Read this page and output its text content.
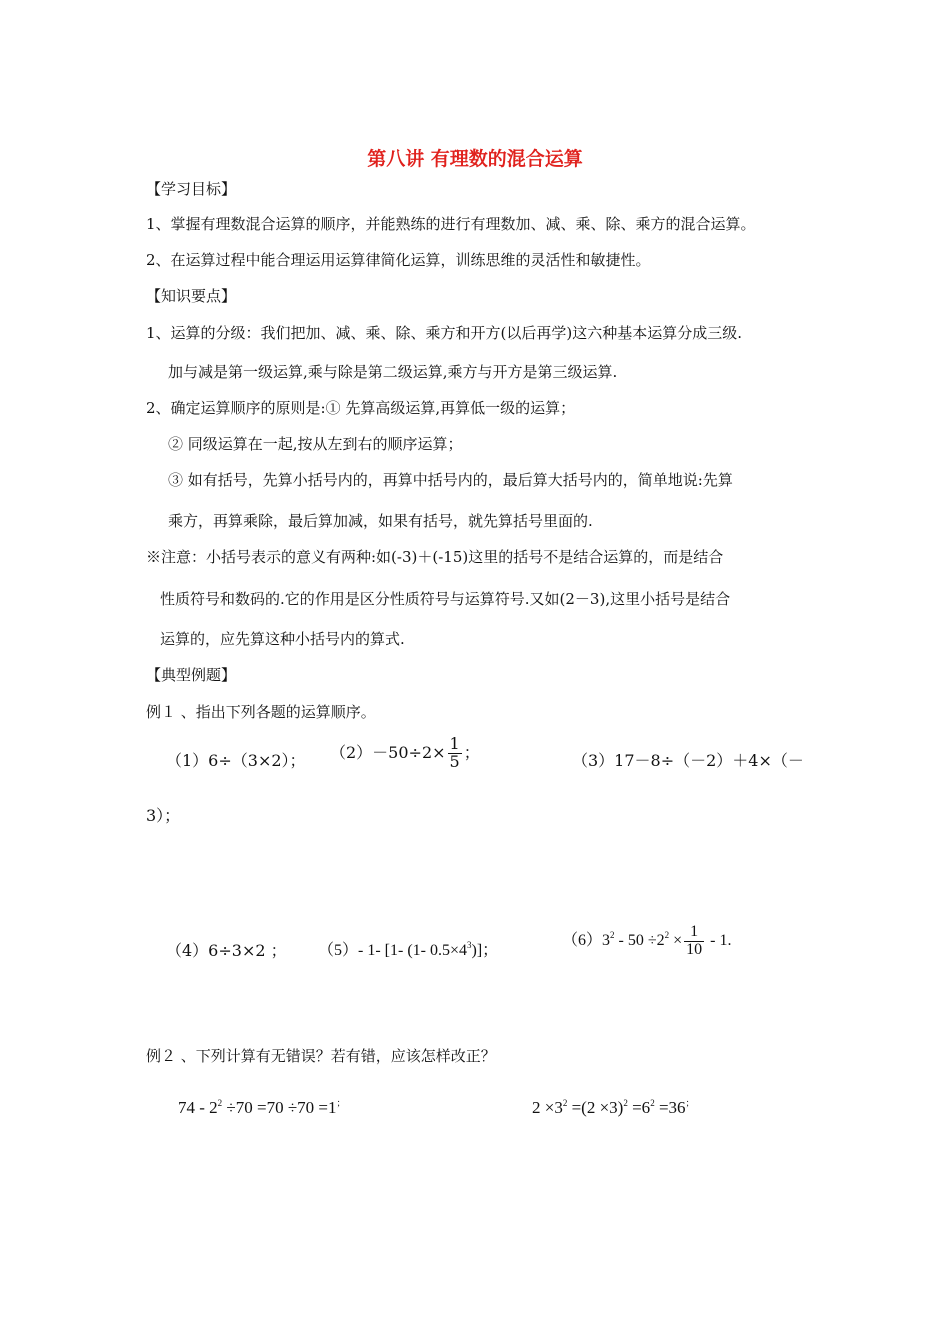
第八讲 有理数的混合运算
【学习目标】
1、掌握有理数混合运算的顺序，并能熟练的进行有理数加、减、乘、除、乘方的混合运算。
2、在运算过程中能合理运用运算律简化运算，训练思维的灵活性和敏捷性。
【知识要点】
1、运算的分级：我们把加、减、乘、除、乘方和开方(以后再学)这六种基本运算分成三级.
加与减是第一级运算,乘与除是第二级运算,乘方与开方是第三级运算.
2、确定运算顺序的原则是:① 先算高级运算,再算低一级的运算；
② 同级运算在一起,按从左到右的顺序运算；
③ 如有括号，先算小括号内的，再算中括号内的，最后算大括号内的，简单地说:先算
乘方，再算乘除，最后算加减，如果有括号，就先算括号里面的.
※注意：小括号表示的意义有两种:如(-3)＋(-15)这里的括号不是结合运算的，而是结合
性质符号和数码的.它的作用是区分性质符号与运算符号.又如(2－3),这里小括号是结合
运算的，应先算这种小括号内的算式.
【典型例题】
例１ 、指出下列各题的运算顺序。
（1）6÷（3×2）； $(2)-50\div 2\times \frac{1}{5}$ ；	（3）17－8÷（－2）＋4×（－
3）；
（4）6÷3×2 ； （5）- 1- [1- (1- $0.5\times 4^3$)]；
$(6)3^2 - 50 \div 2^2 \times \frac{1}{10} - 1$.
例２ 、下列计算有无错误？若有错，应该怎样改正？
$74 - 2^2 \div 70 =70 \div 70 =1^;$	$2 \times 3^2 =(2 \times 3)^2 =6^2 =36^;$
